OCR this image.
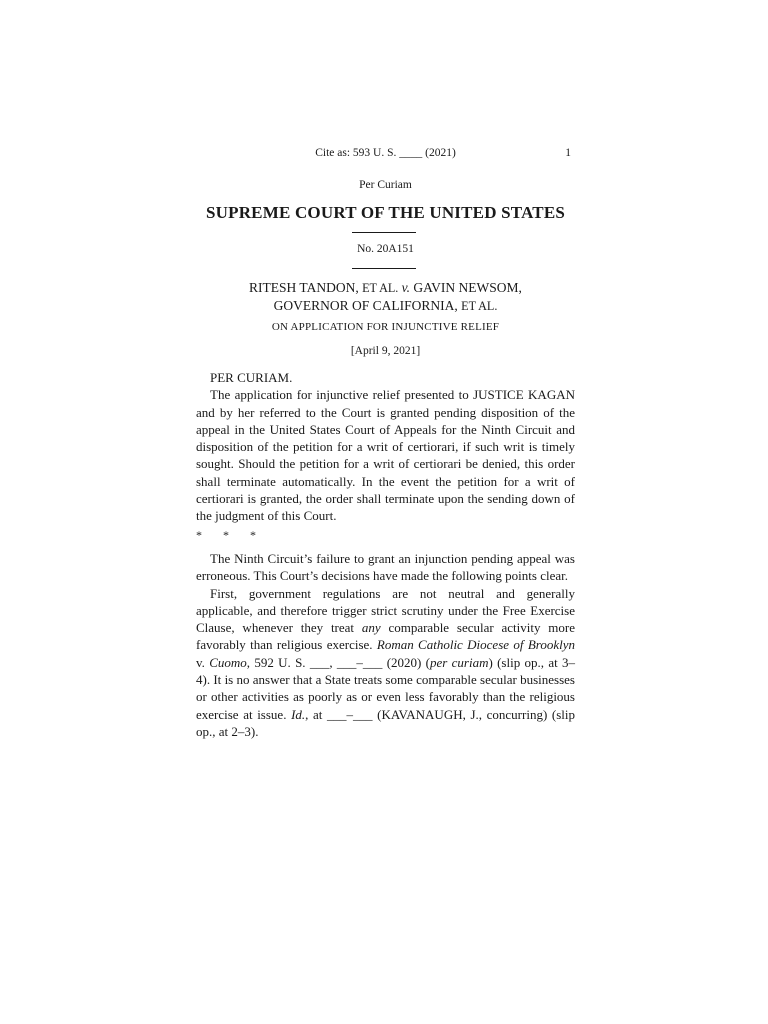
Cite as: 593 U. S. ____ (2021)	1
Per Curiam
SUPREME COURT OF THE UNITED STATES
No. 20A151
RITESH TANDON, ET AL. v. GAVIN NEWSOM,
GOVERNOR OF CALIFORNIA, ET AL.
ON APPLICATION FOR INJUNCTIVE RELIEF
[April 9, 2021]

PER CURIAM.

The application for injunctive relief presented to JUSTICE KAGAN and by her referred to the Court is granted pending disposition of the appeal in the United States Court of Appeals for the Ninth Circuit and disposition of the petition for a writ of certiorari, if such writ is timely sought. Should the petition for a writ of certiorari be denied, this order shall terminate automatically. In the event the petition for a writ of certiorari is granted, the order shall terminate upon the sending down of the judgment of this Court.

* * *

The Ninth Circuit’s failure to grant an injunction pending appeal was erroneous. This Court’s decisions have made the following points clear.

First, government regulations are not neutral and generally applicable, and therefore trigger strict scrutiny under the Free Exercise Clause, whenever they treat any comparable secular activity more favorably than religious exercise. Roman Catholic Diocese of Brooklyn v. Cuomo, 592 U. S. ___, ___–___ (2020) (per curiam) (slip op., at 3–4). It is no answer that a State treats some comparable secular businesses or other activities as poorly as or even less favorably than the religious exercise at issue. Id., at ___–___ (KAVANAUGH, J., concurring) (slip op., at 2–3).
